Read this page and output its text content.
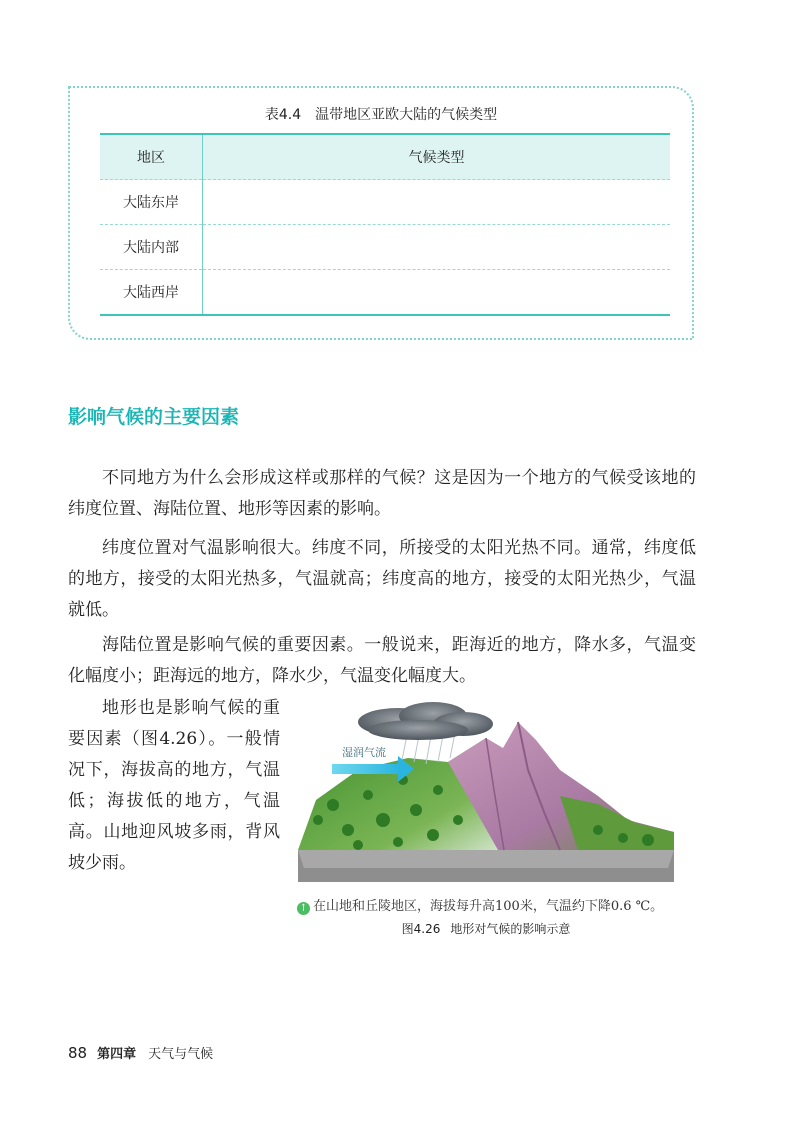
表4.4 温带地区亚欧大陆的气候类型
地区	气候类型
大陆东岸	
大陆内部	
大陆西岸	
影响气候的主要因素

不同地方为什么会形成这样或那样的气候？这是因为一个地方的气候受该地的纬度位置、海陆位置、地形等因素的影响。

纬度位置对气温影响很大。纬度不同，所接受的太阳光热不同。通常，纬度低的地方，接受的太阳光热多，气温就高；纬度高的地方，接受的太阳光热少，气温就低。

海陆位置是影响气候的重要因素。一般说来，距海近的地方，降水多，气温变化幅度小；距海远的地方，降水少，气温变化幅度大。

地形也是影响气候的重要因素（图4.26）。一般情况下，海拔高的地方，气温低；海拔低的地方，气温高。山地迎风坡多雨，背风坡少雨。

湿润气流
↑ 在山地和丘陵地区，海拔每升高100米，气温约下降0.6 ℃。
图4.26 地形对气候的影响示意
88 第四章 天气与气候
